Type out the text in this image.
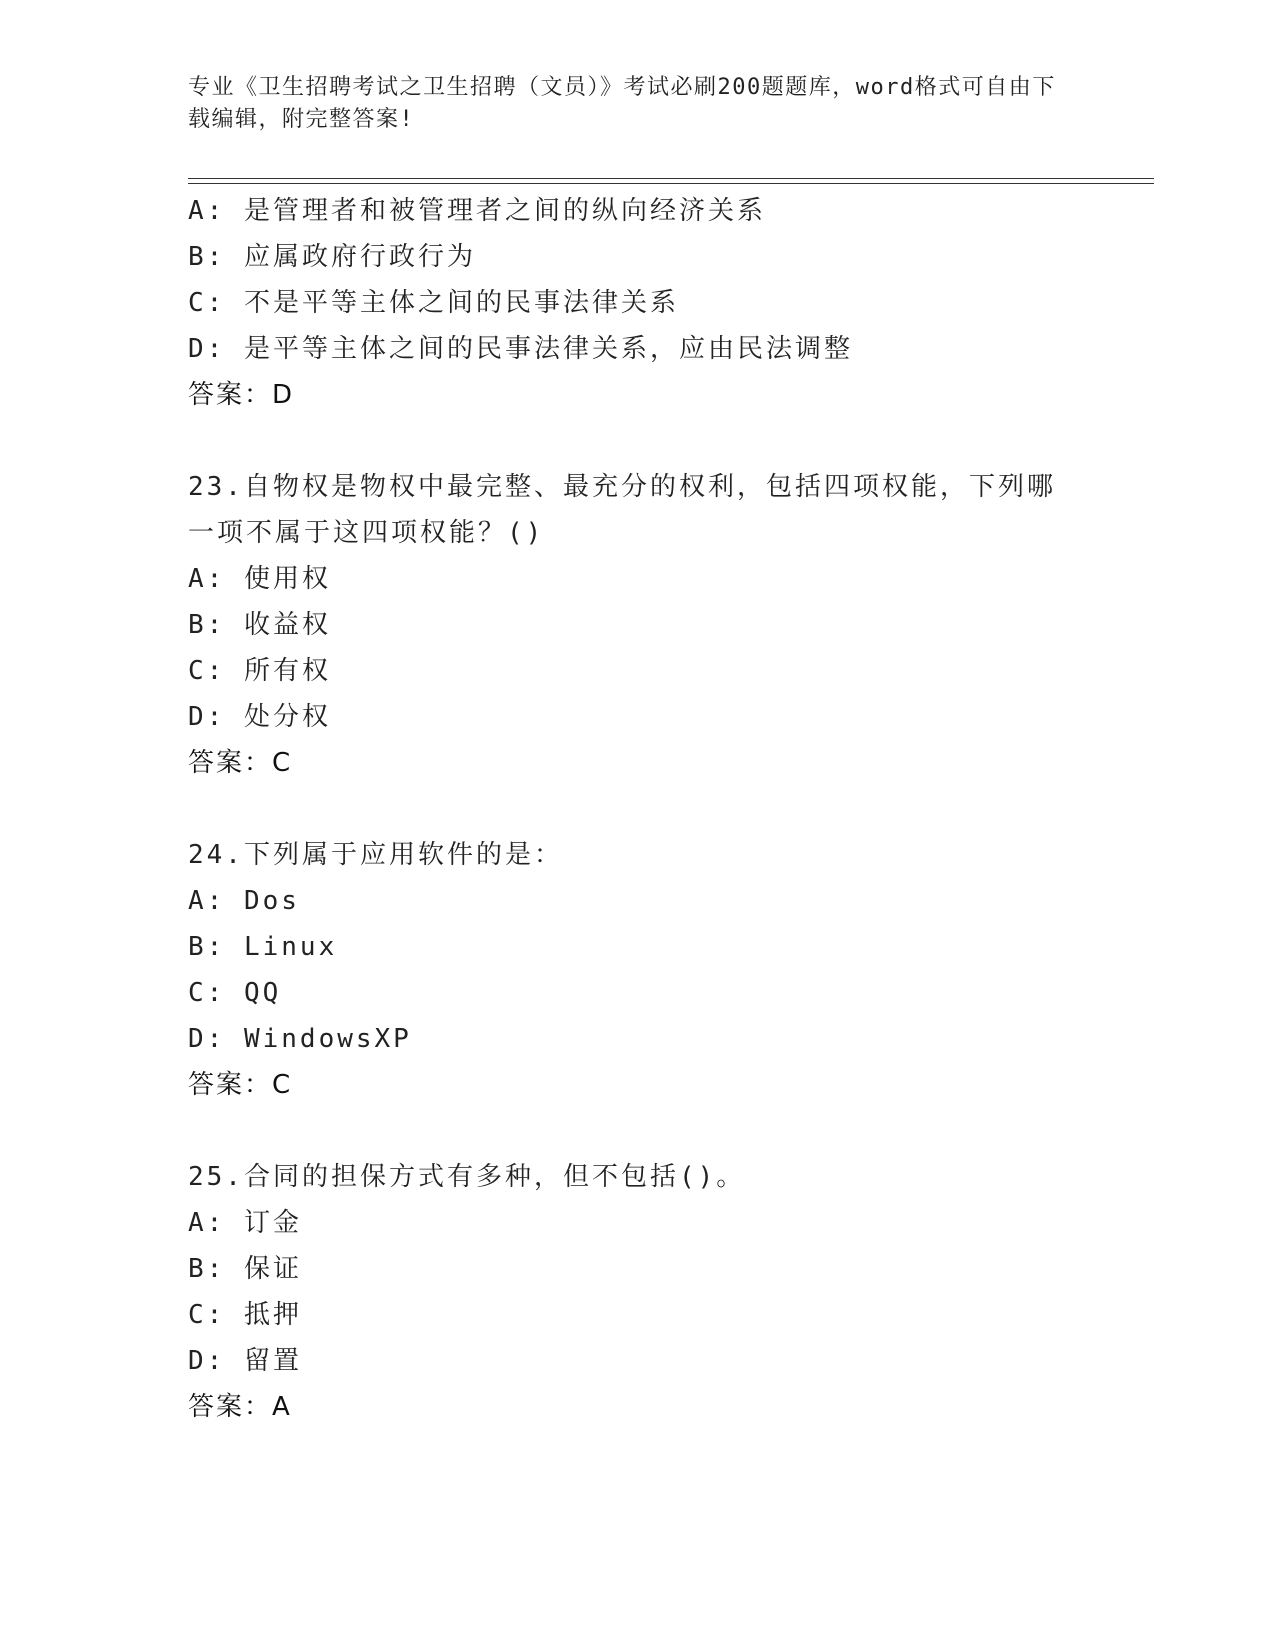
专业《卫生招聘考试之卫生招聘（文员）》考试必刷200题题库，word格式可自由下载编辑，附完整答案!
A: 是管理者和被管理者之间的纵向经济关系
B: 应属政府行政行为
C: 不是平等主体之间的民事法律关系
D: 是平等主体之间的民事法律关系，应由民法调整
答案：D
23.自物权是物权中最完整、最充分的权利，包括四项权能，下列哪一项不属于这四项权能？()
A: 使用权
B: 收益权
C: 所有权
D: 处分权
答案：C
24.下列属于应用软件的是：
A: Dos
B: Linux
C: QQ
D: WindowsXP
答案：C
25.合同的担保方式有多种，但不包括()。
A: 订金
B: 保证
C: 抵押
D: 留置
答案：A
